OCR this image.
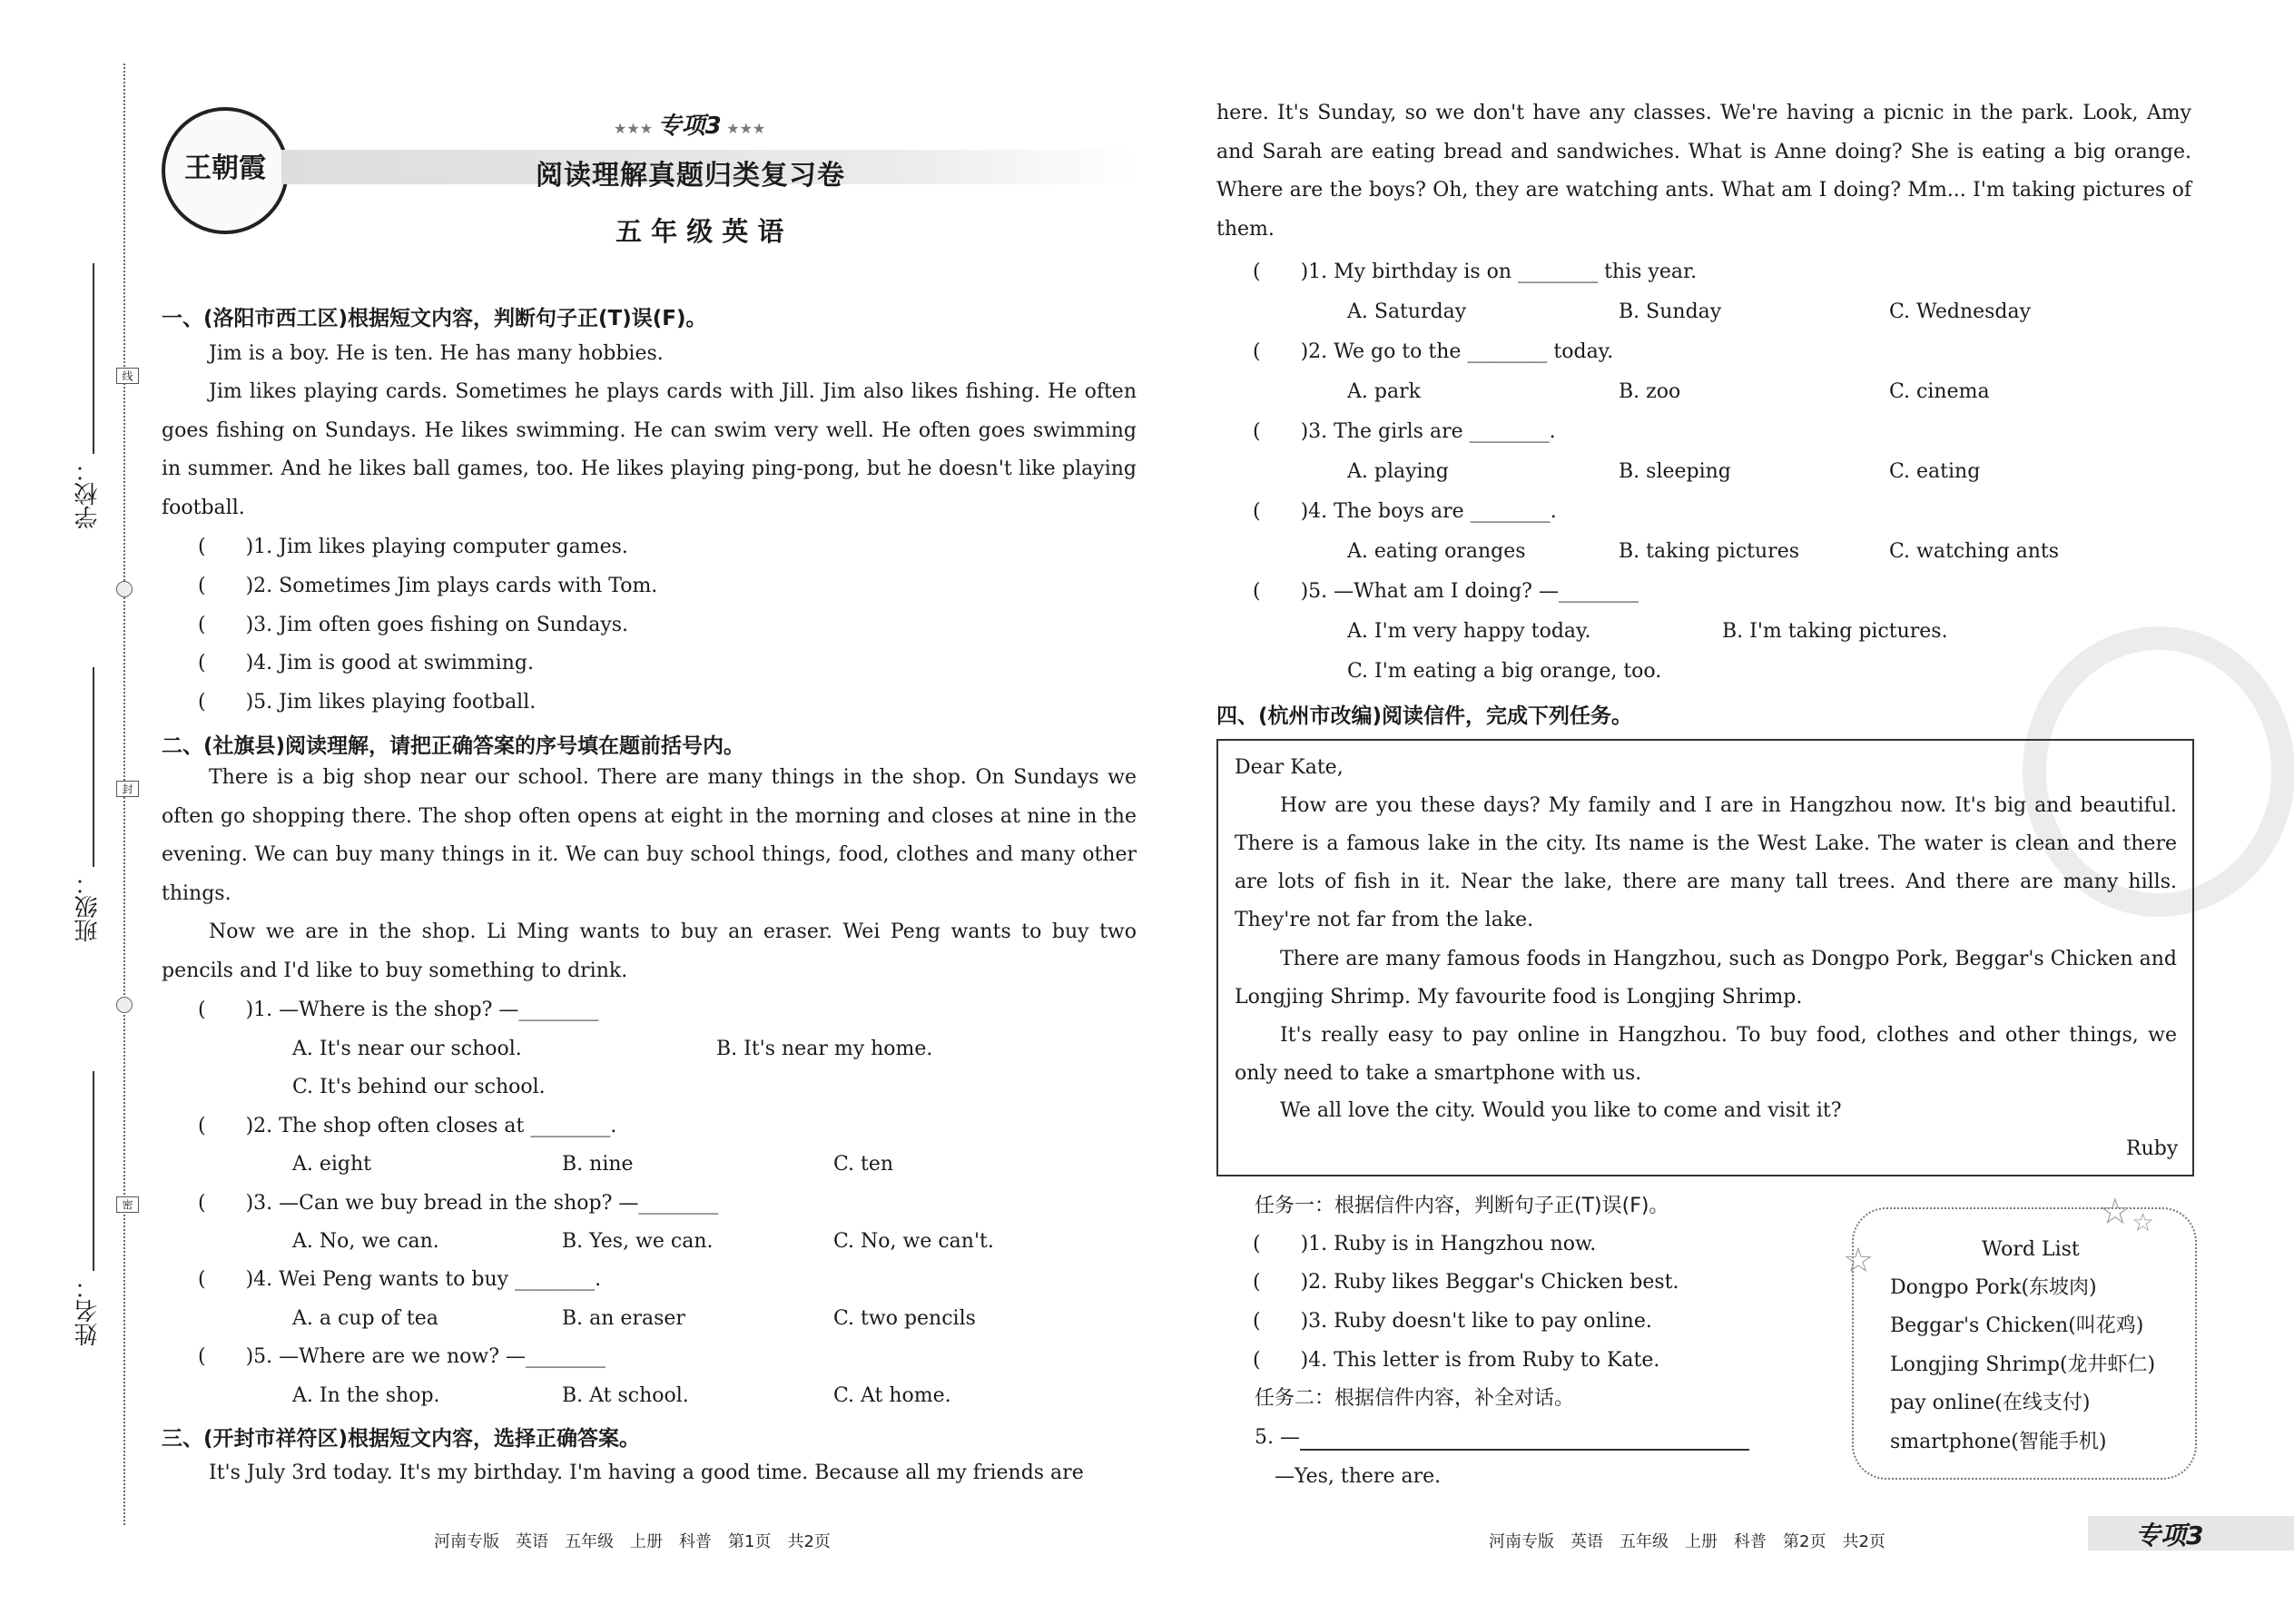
线
封
密
学校：
班级：
姓名：
王朝霞
★★★ 专项3 ★★★
阅读理解真题归类复习卷
五 年 级 英 语
一、(洛阳市西工区)根据短文内容，判断句子正(T)误(F)。
Jim is a boy. He is ten. He has many hobbies.
Jim likes playing cards. Sometimes he plays cards with Jill. Jim also likes fishing. He often goes fishing on Sundays. He likes swimming. He can swim very well. He often goes swimming in summer. And he likes ball games, too. He likes playing ping-pong, but he doesn't like playing football.
(　　)1. Jim likes playing computer games.
(　　)2. Sometimes Jim plays cards with Tom.
(　　)3. Jim often goes fishing on Sundays.
(　　)4. Jim is good at swimming.
(　　)5. Jim likes playing football.
二、(社旗县)阅读理解，请把正确答案的序号填在题前括号内。
There is a big shop near our school. There are many things in the shop. On Sundays we often go shopping there. The shop often opens at eight in the morning and closes at nine in the evening. We can buy many things in it. We can buy school things, food, clothes and many other things.
Now we are in the shop. Li Ming wants to buy an eraser. Wei Peng wants to buy two pencils and I'd like to buy something to drink.
(　　)1. —Where is the shop? —________
A. It's near our school.	B. It's near my home.
C. It's behind our school.
(　　)2. The shop often closes at ________.
A. eight	B. nine	C. ten
(　　)3. —Can we buy bread in the shop? —________
A. No, we can.	B. Yes, we can.	C. No, we can't.
(　　)4. Wei Peng wants to buy ________.
A. a cup of tea	B. an eraser	C. two pencils
(　　)5. —Where are we now? —________
A. In the shop.	B. At school.	C. At home.
三、(开封市祥符区)根据短文内容，选择正确答案。
It's July 3rd today. It's my birthday. I'm having a good time. Because all my friends are
here. It's Sunday, so we don't have any classes. We're having a picnic in the park. Look, Amy and Sarah are eating bread and sandwiches. What is Anne doing? She is eating a big orange. Where are the boys? Oh, they are watching ants. What am I doing? Mm... I'm taking pictures of them.
(　　)1. My birthday is on ________ this year.
A. Saturday	B. Sunday	C. Wednesday
(　　)2. We go to the ________ today.
A. park	B. zoo	C. cinema
(　　)3. The girls are ________.
A. playing	B. sleeping	C. eating
(　　)4. The boys are ________.
A. eating oranges	B. taking pictures	C. watching ants
(　　)5. —What am I doing? —________
A. I'm very happy today.	B. I'm taking pictures.
C. I'm eating a big orange, too.
四、(杭州市改编)阅读信件，完成下列任务。
Dear Kate,
How are you these days? My family and I are in Hangzhou now. It's big and beautiful. There is a famous lake in the city. Its name is the West Lake. The water is clean and there are lots of fish in it. Near the lake, there are many tall trees. And there are many hills. They're not far from the lake.
There are many famous foods in Hangzhou, such as Dongpo Pork, Beggar's Chicken and Longjing Shrimp. My favourite food is Longjing Shrimp.
It's really easy to pay online in Hangzhou. To buy food, clothes and other things, we only need to take a smartphone with us.
We all love the city. Would you like to come and visit it?
Ruby
任务一：根据信件内容，判断句子正(T)误(F)。
(　　)1. Ruby is in Hangzhou now.
(　　)2. Ruby likes Beggar's Chicken best.
(　　)3. Ruby doesn't like to pay online.
(　　)4. This letter is from Ruby to Kate.
任务二：根据信件内容，补全对话。
5. —
—Yes, there are.
☆ ☆
☆	Word List
Dongpo Pork(东坡肉)
Beggar's Chicken(叫花鸡)
Longjing Shrimp(龙井虾仁)
pay online(在线支付)
smartphone(智能手机)
河南专版　英语　五年级　上册　科普　第1页　共2页	河南专版　英语　五年级　上册　科普　第2页　共2页	专项3
